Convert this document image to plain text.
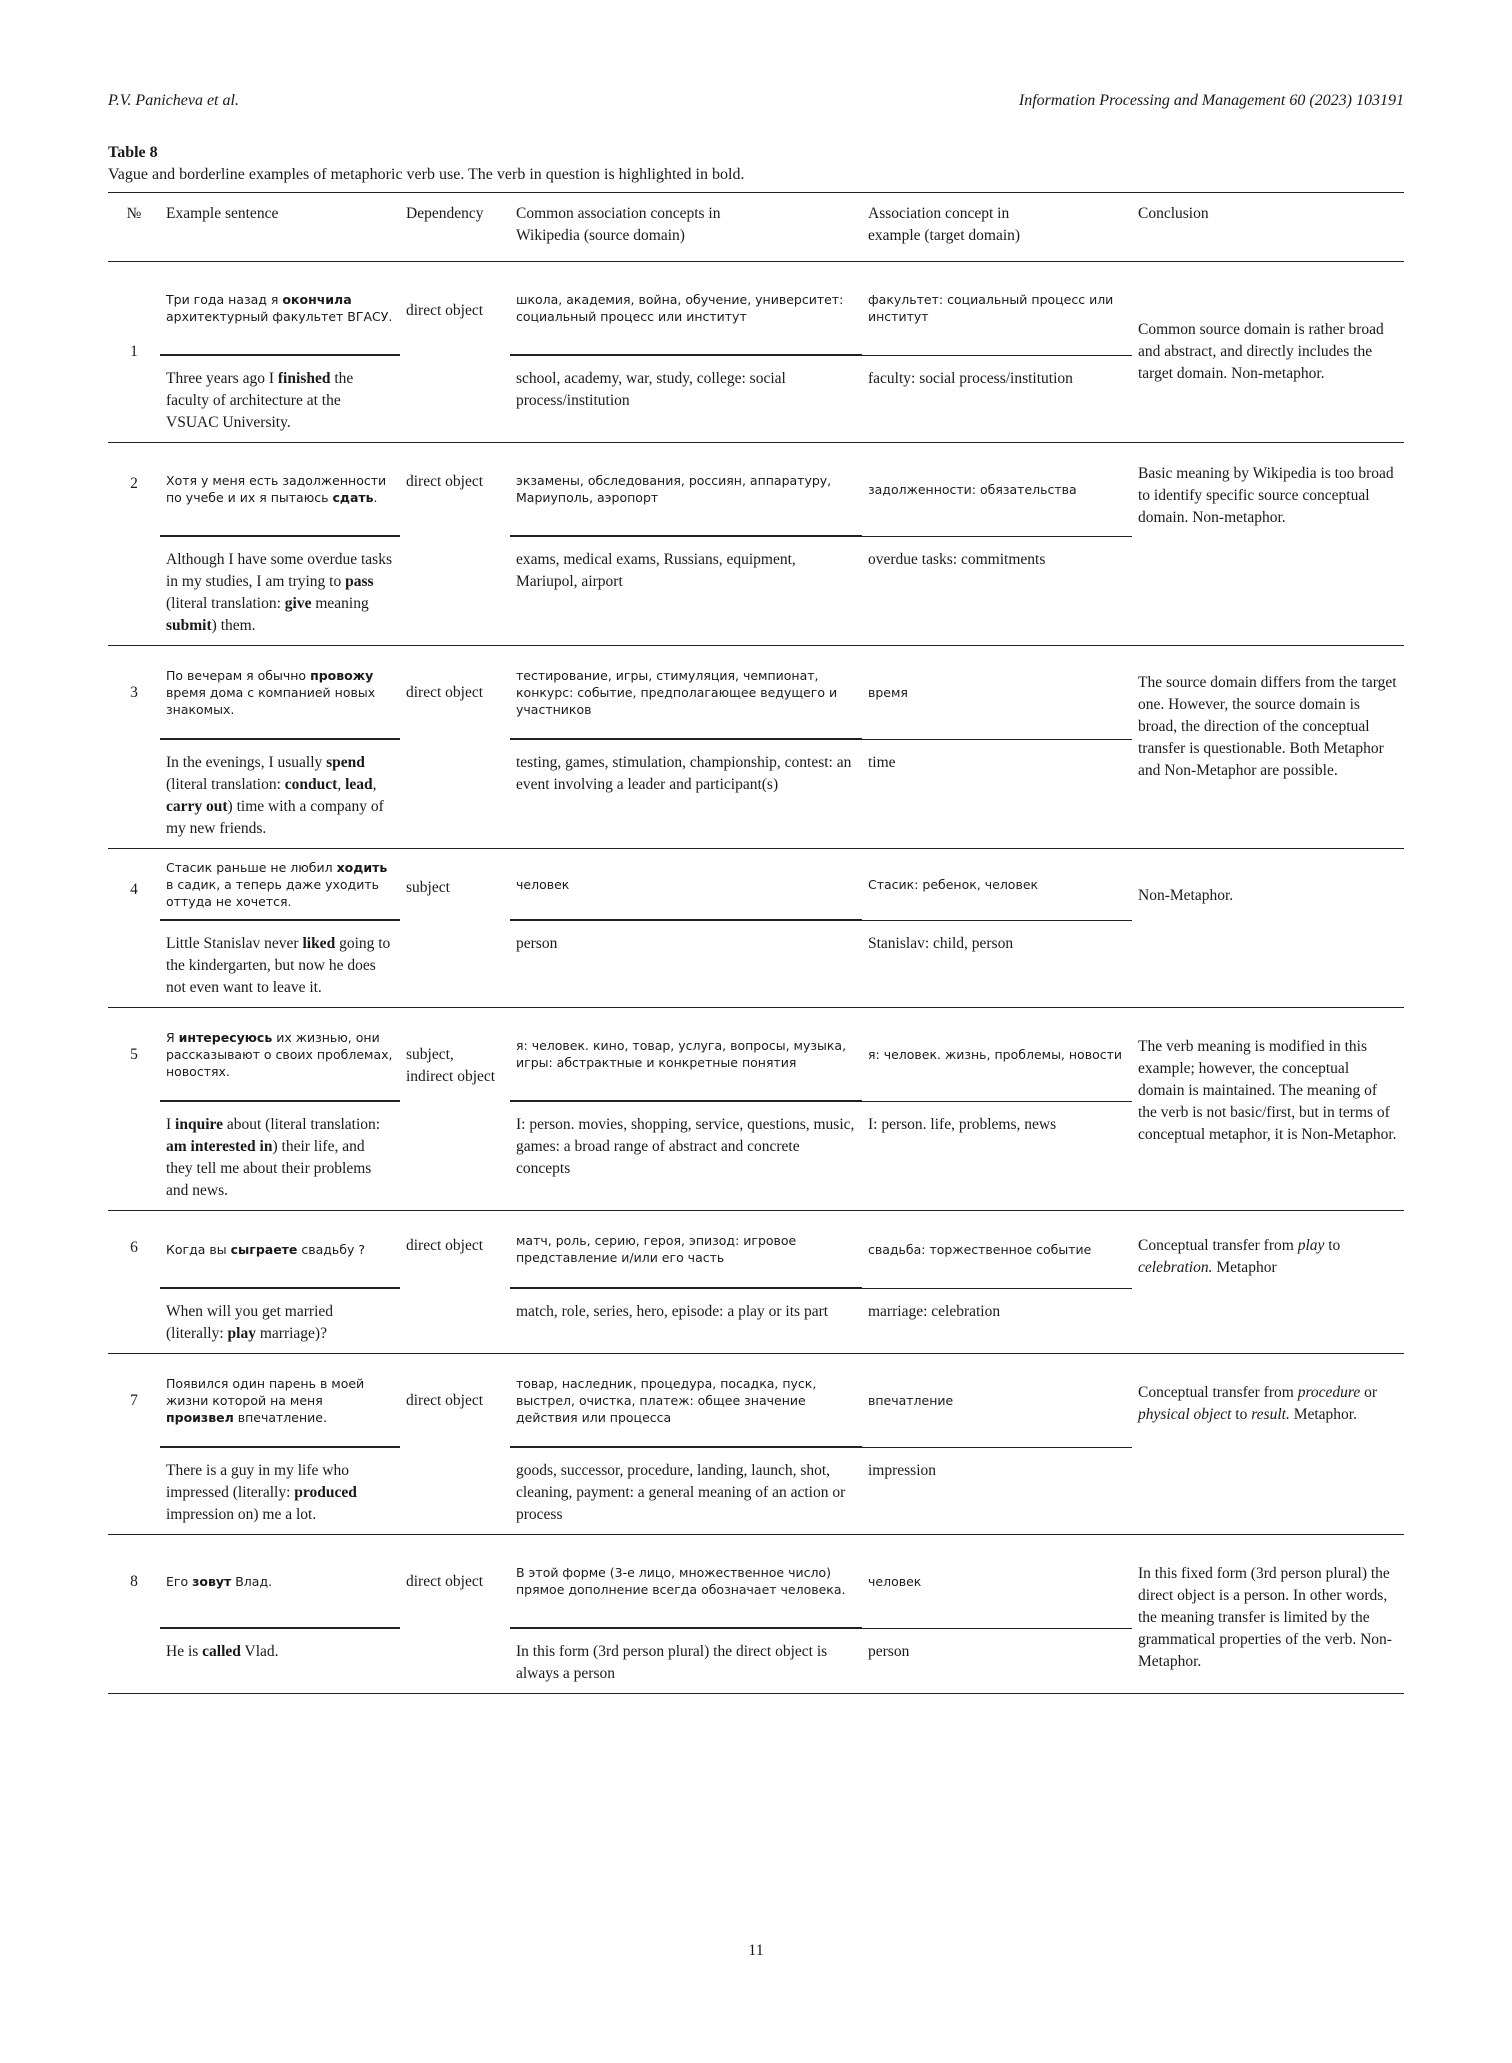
P.V. Panicheva et al.	Information Processing and Management 60 (2023) 103191
Table 8
Vague and borderline examples of metaphoric verb use. The verb in question is highlighted in bold.
№	Example sentence	Dependency	Common association concepts in Wikipedia (source domain)	Association concept in example (target domain)	Conclusion
1	Три года назад я окончила архитектурный факультет ВГАСУ.	direct object	школа, академия, война, обучение, университет: социальный процесс или институт	факультет: социальный процесс или институт	Common source domain is rather broad and abstract, and directly includes the target domain. Non-metaphor.
	Three years ago I finished the faculty of architecture at the VSUAC University.		school, academy, war, study, college: social process/institution	faculty: social process/institution	
2	Хотя у меня есть задолженности по учебе и их я пытаюсь сдать.	direct object	экзамены, обследования, россиян, аппаратуру, Мариуполь, аэропорт	задолженности: обязательства	Basic meaning by Wikipedia is too broad to identify specific source conceptual domain. Non-metaphor.
	Although I have some overdue tasks in my studies, I am trying to pass (literal translation: give meaning submit) them.		exams, medical exams, Russians, equipment, Mariupol, airport	overdue tasks: commitments	
3	По вечерам я обычно провожу время дома с компанией новых знакомых.	direct object	тестирование, игры, стимуляция, чемпионат, конкурс: событие, предполагающее ведущего и участников	время	The source domain differs from the target one. However, the source domain is broad, the direction of the conceptual transfer is questionable. Both Metaphor and Non-Metaphor are possible.
	In the evenings, I usually spend (literal translation: conduct, lead, carry out) time with a company of my new friends.		testing, games, stimulation, championship, contest: an event involving a leader and participant(s)	time	
4	Стасик раньше не любил ходить в садик, а теперь даже уходить оттуда не хочется.	subject	человек	Стасик: ребенок, человек	Non-Metaphor.
	Little Stanislav never liked going to the kindergarten, but now he does not even want to leave it.		person	Stanislav: child, person	
5	Я интересуюсь их жизнью, они рассказывают о своих проблемах, новостях.	subject, indirect object	я: человек. кино, товар, услуга, вопросы, музыка, игры: абстрактные и конкретные понятия	я: человек. жизнь, проблемы, новости	The verb meaning is modified in this example; however, the conceptual domain is maintained. The meaning of the verb is not basic/first, but in terms of conceptual metaphor, it is Non-Metaphor.
	I inquire about (literal translation: am interested in) their life, and they tell me about their problems and news.		I: person. movies, shopping, service, questions, music, games: a broad range of abstract and concrete concepts	I: person. life, problems, news	
6	Когда вы сыграете свадьбу ?	direct object	матч, роль, серию, героя, эпизод: игровое представление и/или его часть	свадьба: торжественное событие	Conceptual transfer from play to celebration. Metaphor
	When will you get married (literally: play marriage)?		match, role, series, hero, episode: a play or its part	marriage: celebration	
7	Появился один парень в моей жизни которой на меня произвел впечатление.	direct object	товар, наследник, процедура, посадка, пуск, выстрел, очистка, платеж: общее значение действия или процесса	впечатление	Conceptual transfer from procedure or physical object to result. Metaphor.
	There is a guy in my life who impressed (literally: produced impression on) me a lot.		goods, successor, procedure, landing, launch, shot, cleaning, payment: a general meaning of an action or process	impression	
8	Его зовут Влад.	direct object	В этой форме (3-е лицо, множественное число) прямое дополнение всегда обозначает человека.	человек	In this fixed form (3rd person plural) the direct object is a person. In other words, the meaning transfer is limited by the grammatical properties of the verb. Non-Metaphor.
	He is called Vlad.		In this form (3rd person plural) the direct object is always a person	person	
11
